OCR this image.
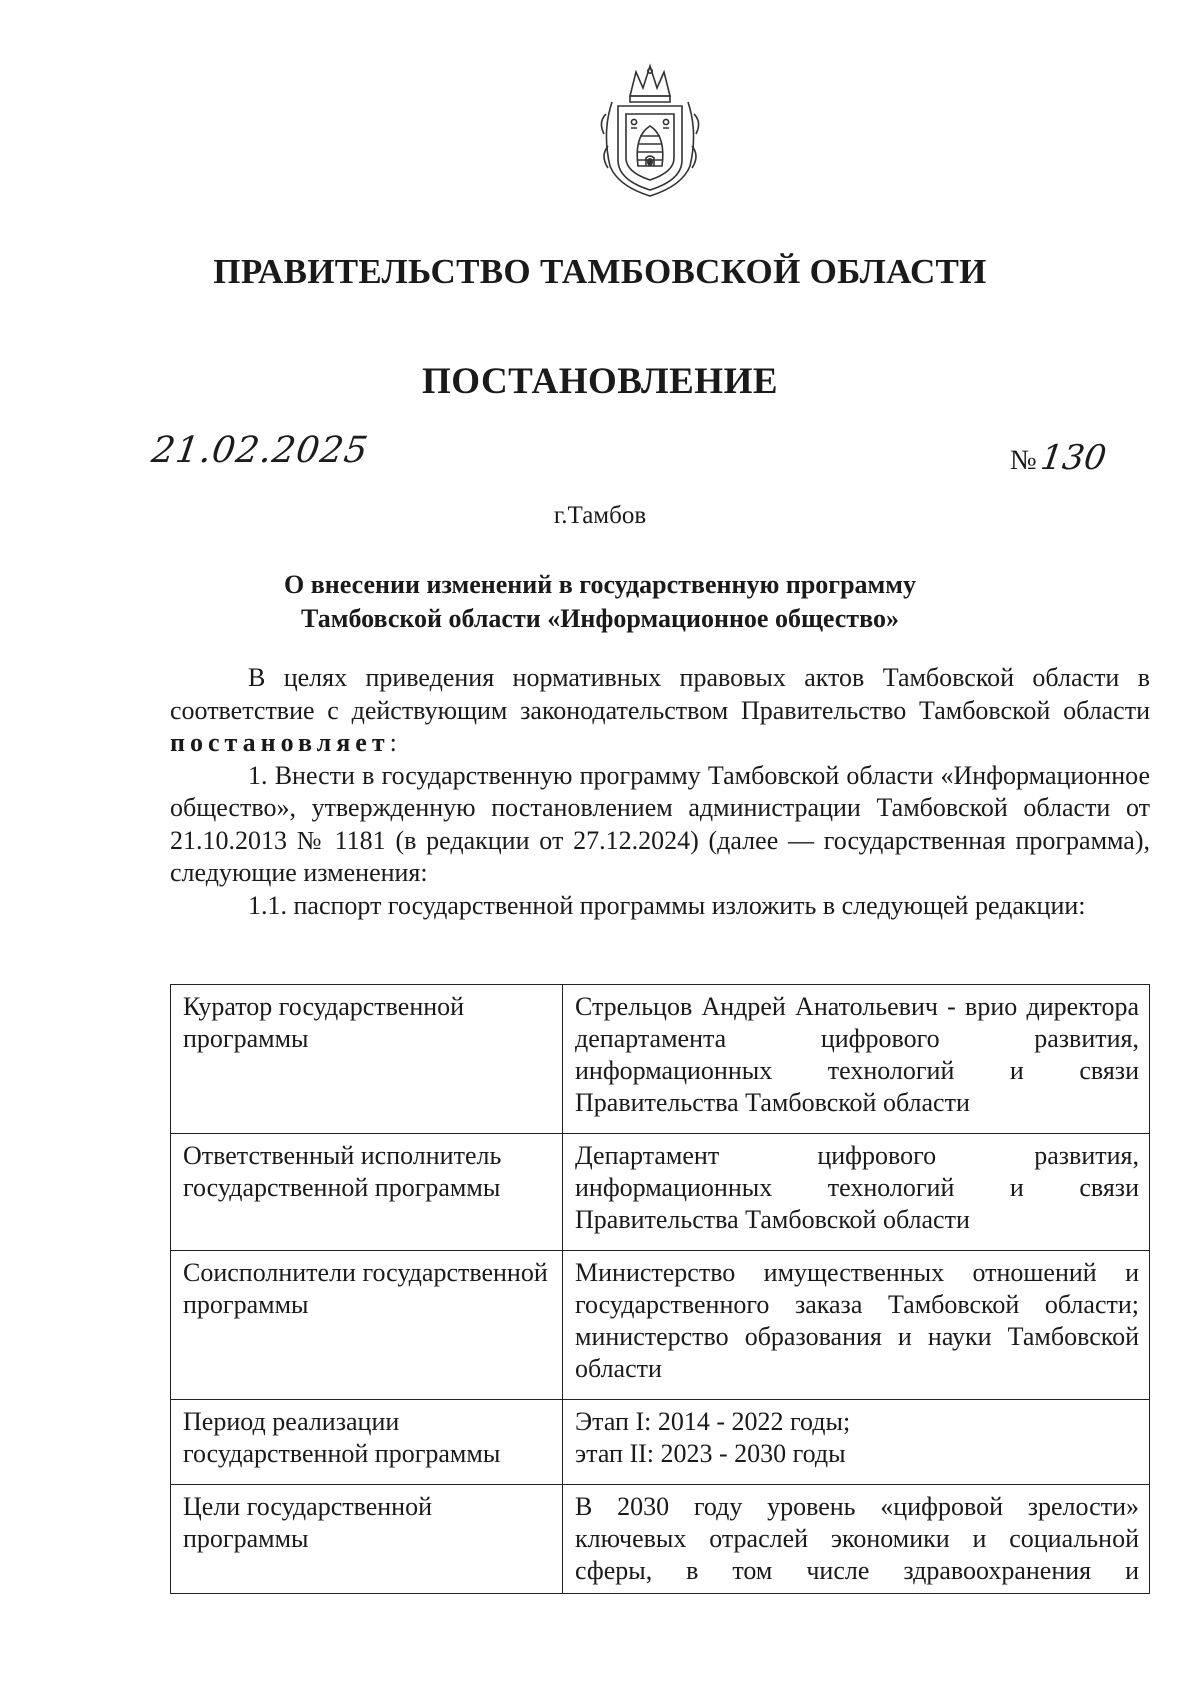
ПРАВИТЕЛЬСТВО ТАМБОВСКОЙ ОБЛАСТИ
ПОСТАНОВЛЕНИЕ
21.02.2025	№130
г.Тамбов
О внесении изменений в государственную программу
Тамбовской области «Информационное общество»

В целях приведения нормативных правовых актов Тамбовской области в соответствие с действующим законодательством Правительство Тамбовской области постановляет:

1. Внести в государственную программу Тамбовской области «Информационное общество», утвержденную постановлением администрации Тамбовской области от 21.10.2013 № 1181 (в редакции от 27.12.2024) (далее — государственная программа), следующие изменения:

1.1. паспорт государственной программы изложить в следующей редакции:

Куратор государственной программы	Стрельцов Андрей Анатольевич - врио директора департамента цифрового развития, информационных технологий и связи Правительства Тамбовской области
Ответственный исполнитель государственной программы	Департамент цифрового развития, информационных технологий и связи Правительства Тамбовской области
Соисполнители государственной программы	Министерство имущественных отношений и государственного заказа Тамбовской области; министерство образования и науки Тамбовской области
Период реализации государственной программы	Этап I: 2014 - 2022 годы;
этап II: 2023 - 2030 годы

Цели государственной программы	В 2030 году уровень «цифровой зрелости» ключевых отраслей экономики и социальной сферы, в том числе здравоохранения и
